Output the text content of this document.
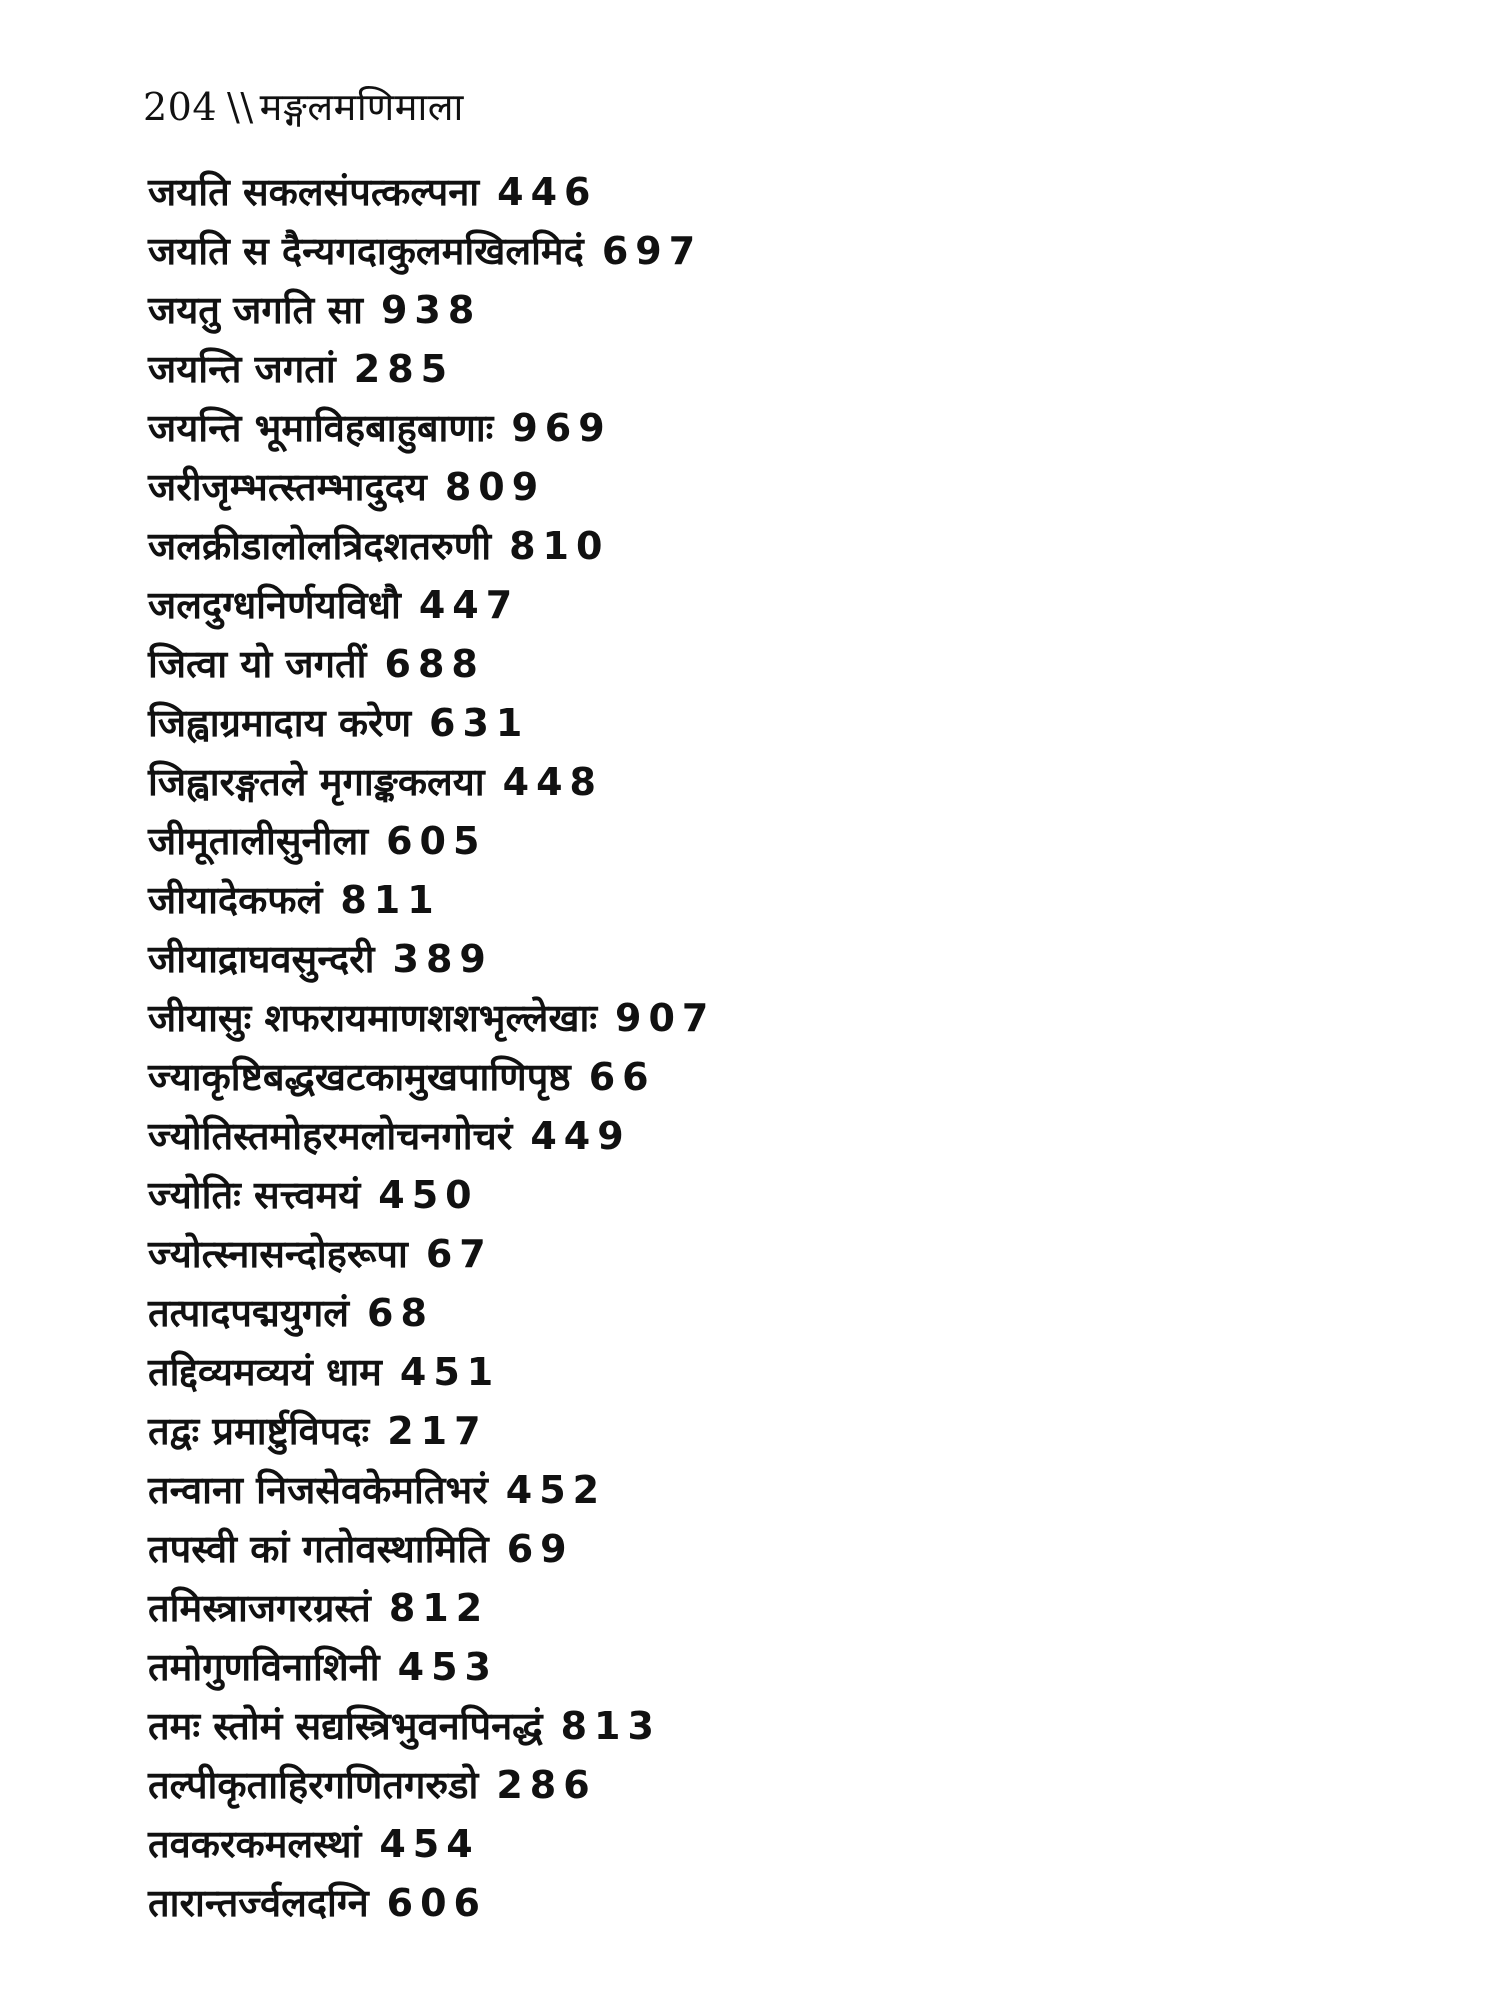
204 \\ मङ्गलमणिमाला
जयति सकलसंपत्कल्पना 446
जयति स दैन्यगदाकुलमखिलमिदं 697
जयतु जगति सा 938
जयन्ति जगतां 285
जयन्ति भूमाविहबाहुबाणाः 969
जरीजृम्भत्स्तम्भादुदय 809
जलक्रीडालोलत्रिदशतरुणी 810
जलदुग्धनिर्णयविधौ 447
जित्वा यो जगतीं 688
जिह्वाग्रमादाय करेण 631
जिह्वारङ्गतले मृगाङ्ककलया 448
जीमूतालीसुनीला 605
जीयादेकफलं 811
जीयाद्राघवसुन्दरी 389
जीयासुः शफरायमाणशशभृल्लेखाः 907
ज्याकृष्टिबद्धखटकामुखपाणिपृष्ठ 66
ज्योतिस्तमोहरमलोचनगोचरं 449
ज्योतिः सत्त्वमयं 450
ज्योत्स्नासन्दोहरूपा 67
तत्पादपद्मयुगलं 68
तद्दिव्यमव्ययं धाम 451
तद्वः प्रमार्ष्टुविपदः 217
तन्वाना निजसेवकेमतिभरं 452
तपस्वी कां गतोवस्थामिति 69
तमिस्त्राजगरग्रस्तं 812
तमोगुणविनाशिनी 453
तमः स्तोमं सद्यस्त्रिभुवनपिनद्धं 813
तल्पीकृताहिरगणितगरुडो 286
तवकरकमलस्थां 454
तारान्तर्ज्वलदग्नि 606
